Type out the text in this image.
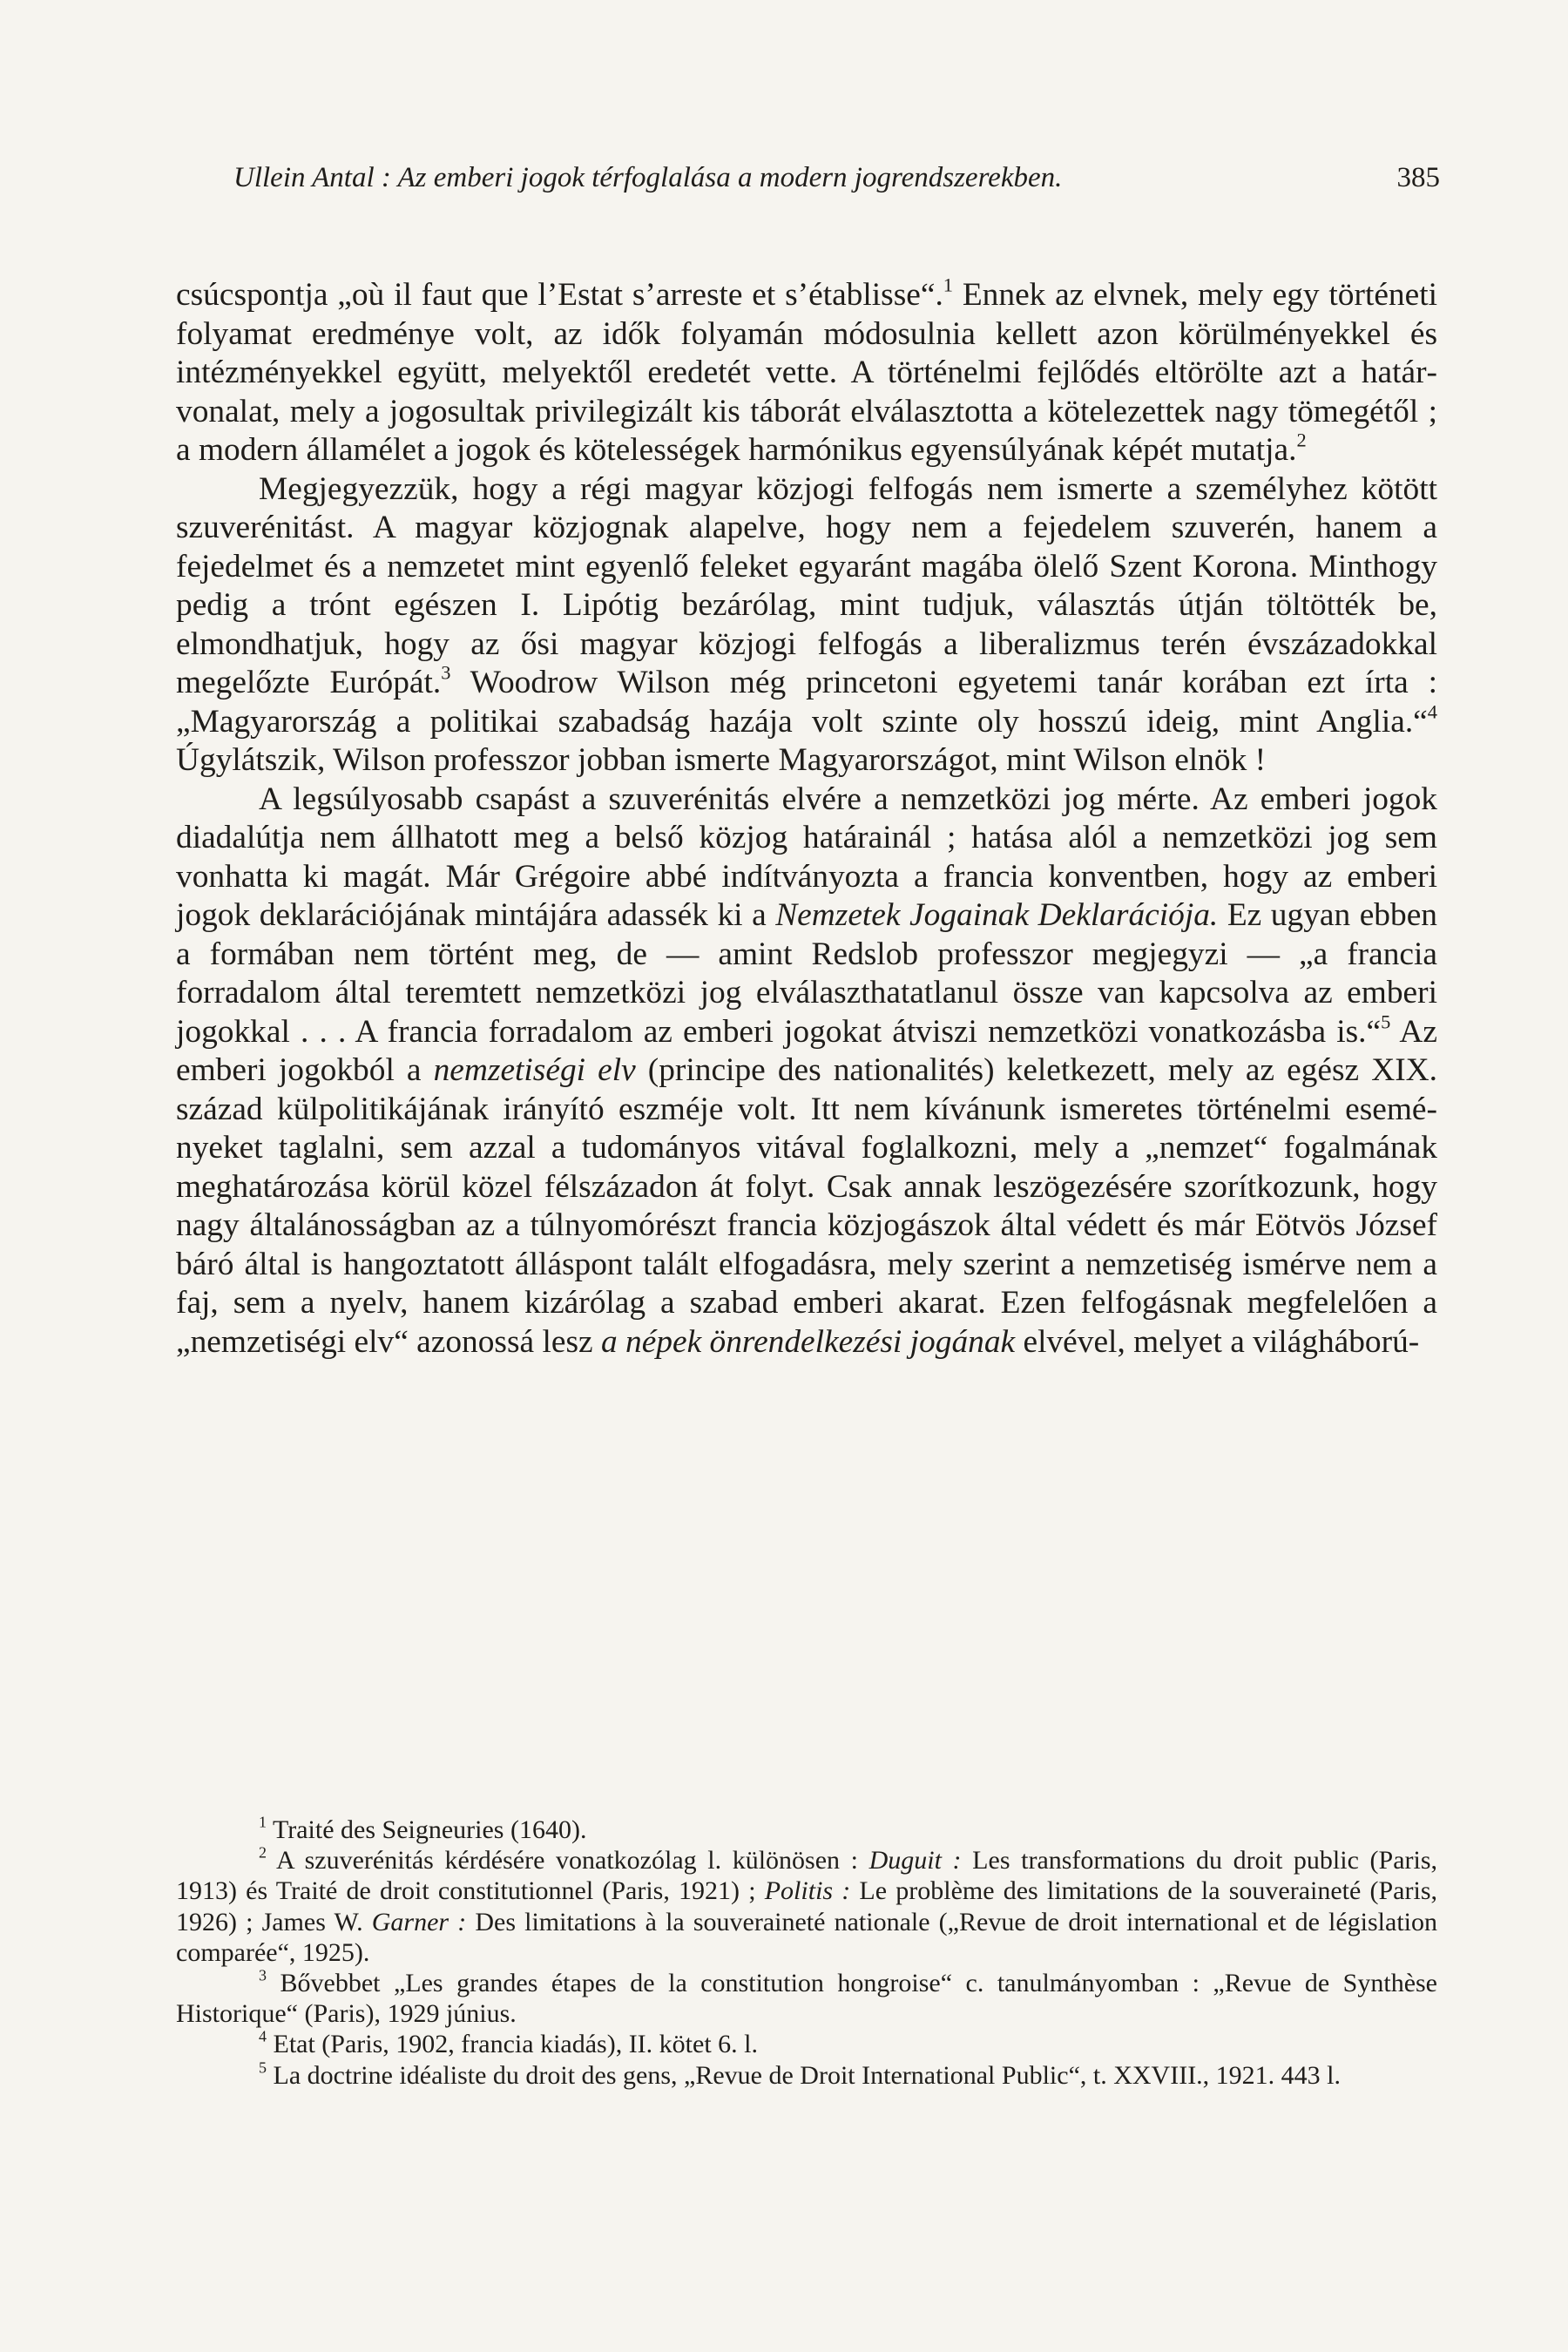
Ullein Antal : Az emberi jogok térfoglalása a modern jogrendszerekben.	385

csúcspontja „où il faut que l’Estat s’arreste et s’établisse“.$^1$ Ennek az elvnek, mely egy történeti folyamat eredménye volt, az idők folyamán módosulnia kellett azon körülményekkel és intézményekkel együtt, melyektől eredetét vette. A történelmi fejlődés eltörölte azt a határvonalat, mely a jogosultak privilegizált kis táborát elválasztotta a kötelezettek nagy tömegétől ; a modern államélet a jogok és kötelességek harmónikus egyensúlyának képét mutatja.$^2$

Megjegyezzük, hogy a régi magyar közjogi felfogás nem ismerte a személyhez kötött szuverénitást. A magyar közjognak alapelve, hogy nem a fejedelem szuverén, hanem a fejedelmet és a nemzetet mint egyenlő feleket egyaránt magába ölelő Szent Korona. Minthogy pedig a trónt egészen I. Lipótig bezárólag, mint tudjuk, választás útján töltötték be, elmondhatjuk, hogy az ősi magyar közjogi felfogás a liberalizmus terén évszázadokkal megelőzte Európát.$^3$ Woodrow Wilson még princetoni egyetemi tanár korában ezt írta : „Magyarország a politikai szabadság hazája volt szinte oly hosszú ideig, mint Anglia.“$^4$ Úgylátszik, Wilson professzor jobban ismerte Magyarországot, mint Wilson elnök !

A legsúlyosabb csapást a szuverénitás elvére a nemzetközi jog mérte. Az emberi jogok diadalútja nem állhatott meg a belső közjog határainál ; hatása alól a nemzetközi jog sem vonhatta ki magát. Már Grégoire abbé indítványozta a francia konventben, hogy az emberi jogok deklarációjának mintájára adassék ki a Nemzetek Jogainak Deklarációja. Ez ugyan ebben a formában nem történt meg, de — amint Redslob professzor megjegyzi — „a francia forradalom által teremtett nemzetközi jog elválaszthatatlanul össze van kapcsolva az emberi jogokkal . . . A francia forradalom az emberi jogokat átviszi nemzetközi vonatkozásba is.“$^5$ Az emberi jogokból a nemzetiségi elv (principe des nationalités) keletkezett, mely az egész XIX. század külpolitikájának irányító eszméje volt. Itt nem kívánunk ismeretes történelmi eseményeket taglalni, sem azzal a tudományos vitával foglalkozni, mely a „nemzet“ fogalmának meghatározása körül közel félszázadon át folyt. Csak annak leszögezésére szorítkozunk, hogy nagy általánosságban az a túlnyomórészt francia közjogászok által védett és már Eötvös József báró által is hangoztatott álláspont talált elfogadásra, mely szerint a nemzetiség ismérve nem a faj, sem a nyelv, hanem kizárólag a szabad emberi akarat. Ezen felfogásnak megfelelően a „nemzetiségi elv“ azonossá lesz a népek önrendelkezési jogának elvével, melyet a világháború-

$^1$ Traité des Seigneuries (1640).

$^2$ A szuverénitás kérdésére vonatkozólag l. különösen : Duguit : Les transformations du droit public (Paris, 1913) és Traité de droit constitutionnel (Paris, 1921) ; Politis : Le problème des limitations de la souveraineté (Paris, 1926) ; James W. Garner : Des limitations à la souveraineté nationale („Revue de droit international et de législation comparée“, 1925).

$^3$ Bővebbet „Les grandes étapes de la constitution hongroise“ c. tanulmányomban : „Revue de Synthèse Historique“ (Paris), 1929 június.

$^4$ Etat (Paris, 1902, francia kiadás), II. kötet 6. l.

$^5$ La doctrine idéaliste du droit des gens, „Revue de Droit International Public“, t. XXVIII., 1921. 443 l.
